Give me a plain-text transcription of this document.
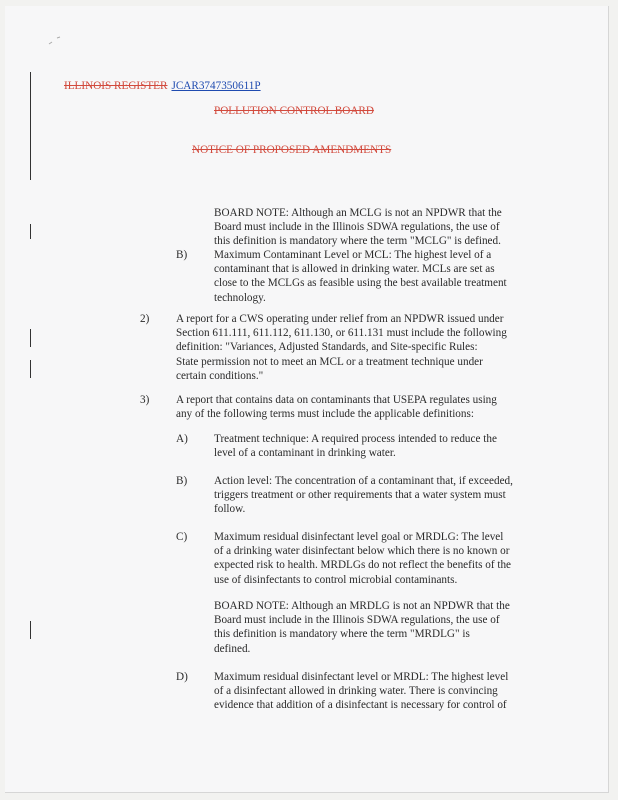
ILLINOIS REGISTER JCAR3747350611P
POLLUTION CONTROL BOARD
NOTICE OF PROPOSED AMENDMENTS
BOARD NOTE: Although an MCLG is not an NPDWR that the
Board must include in the Illinois SDWA regulations, the use of
this definition is mandatory where the term "MCLG" is defined.
B) Maximum Contaminant Level or MCL: The highest level of a
contaminant that is allowed in drinking water. MCLs are set as
close to the MCLGs as feasible using the best available treatment
technology.
2) A report for a CWS operating under relief from an NPDWR issued under
Section 611.111, 611.112, 611.130, or 611.131 must include the following
definition: "Variances, Adjusted Standards, and Site-specific Rules:
State permission not to meet an MCL or a treatment technique under
certain conditions."
3) A report that contains data on contaminants that USEPA regulates using
any of the following terms must include the applicable definitions:
A) Treatment technique: A required process intended to reduce the
level of a contaminant in drinking water.
B) Action level: The concentration of a contaminant that, if exceeded,
triggers treatment or other requirements that a water system must
follow.
C) Maximum residual disinfectant level goal or MRDLG: The level
of a drinking water disinfectant below which there is no known or
expected risk to health. MRDLGs do not reflect the benefits of the
use of disinfectants to control microbial contaminants.
BOARD NOTE: Although an MRDLG is not an NPDWR that the
Board must include in the Illinois SDWA regulations, the use of
this definition is mandatory where the term "MRDLG" is
defined.
D) Maximum residual disinfectant level or MRDL: The highest level
of a disinfectant allowed in drinking water. There is convincing
evidence that addition of a disinfectant is necessary for control of
